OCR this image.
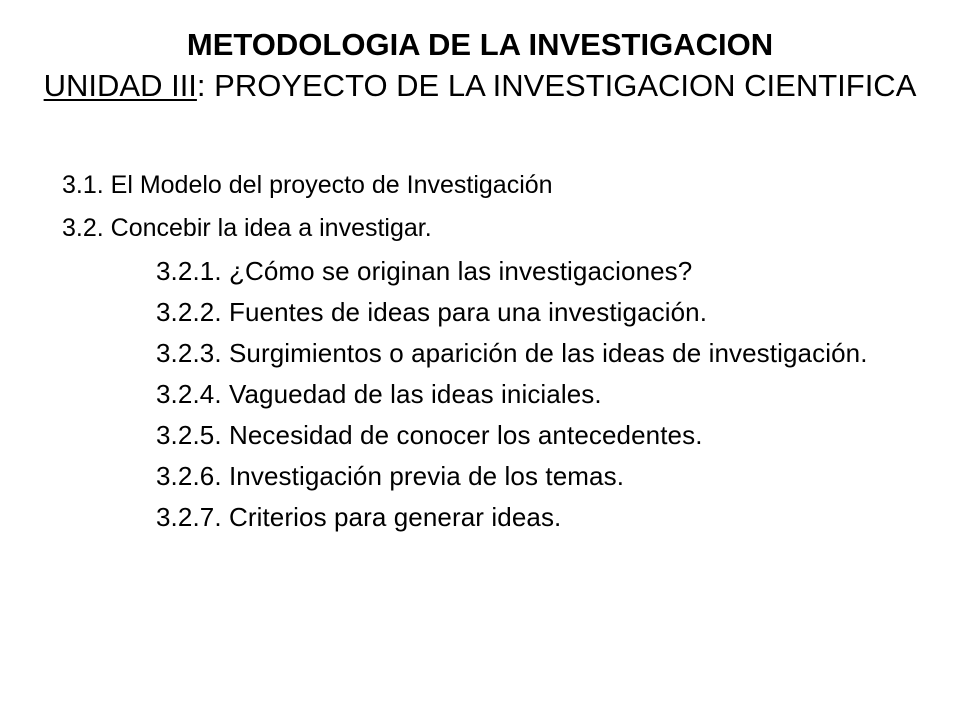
METODOLOGIA DE LA INVESTIGACION
UNIDAD III: PROYECTO DE LA INVESTIGACION CIENTIFICA
3.1. El Modelo del proyecto de Investigación
3.2. Concebir la idea a investigar.
3.2.1. ¿Cómo se originan las investigaciones?
3.2.2. Fuentes de ideas para una investigación.
3.2.3. Surgimientos o aparición de las ideas de investigación.
3.2.4. Vaguedad de las ideas iniciales.
3.2.5. Necesidad de conocer los antecedentes.
3.2.6. Investigación previa de los temas.
3.2.7. Criterios para generar ideas.
